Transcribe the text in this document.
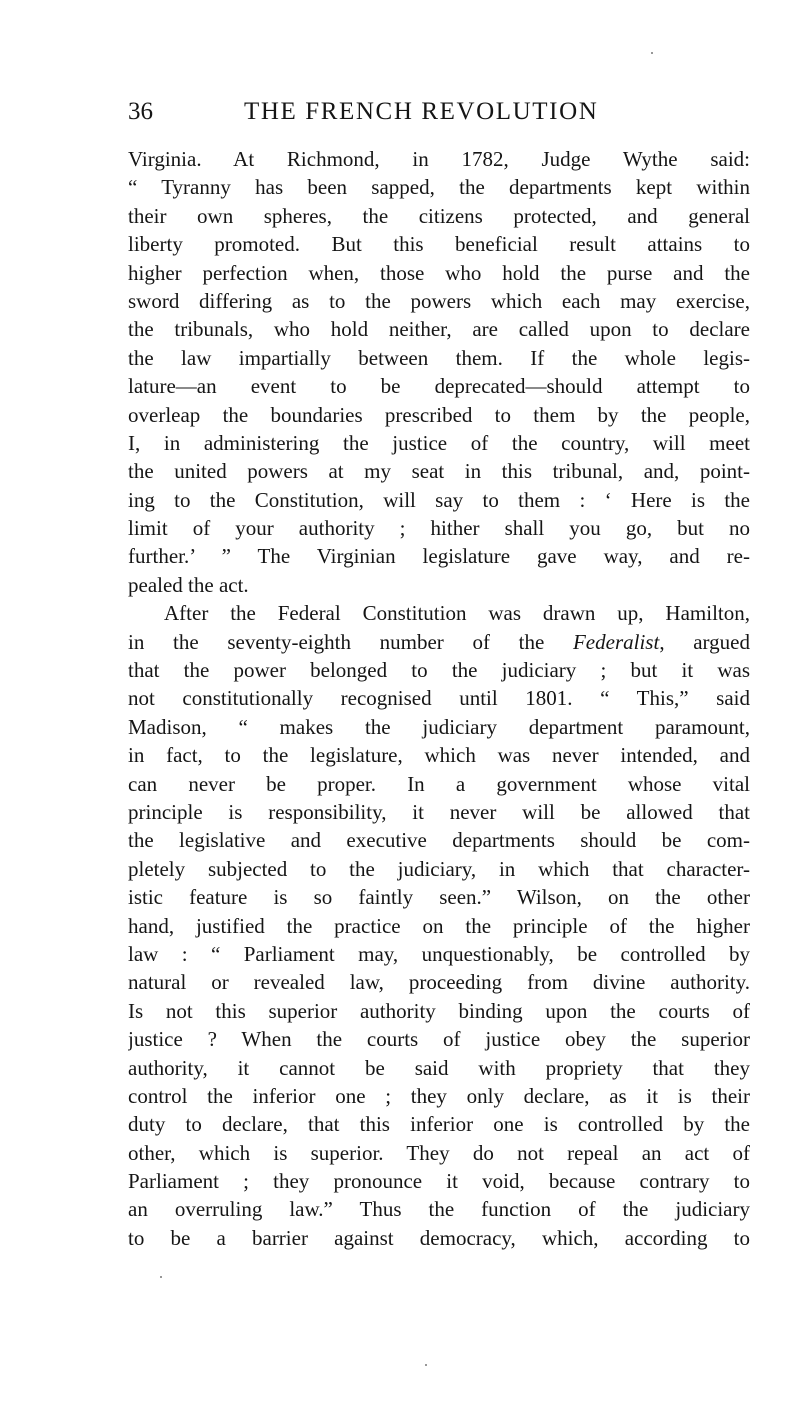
36	THE FRENCH REVOLUTION
Virginia. At Richmond, in 1782, Judge Wythe said:
“ Tyranny has been sapped, the departments kept within
their own spheres, the citizens protected, and general
liberty promoted. But this beneficial result attains to
higher perfection when, those who hold the purse and the
sword differing as to the powers which each may exercise,
the tribunals, who hold neither, are called upon to declare
the law impartially between them. If the whole legis-
lature—an event to be deprecated—should attempt to
overleap the boundaries prescribed to them by the people,
I, in administering the justice of the country, will meet
the united powers at my seat in this tribunal, and, point-
ing to the Constitution, will say to them : ‘ Here is the
limit of your authority ; hither shall you go, but no
further.’ ” The Virginian legislature gave way, and re-
pealed the act.
After the Federal Constitution was drawn up, Hamilton,
in the seventy-eighth number of the Federalist, argued
that the power belonged to the judiciary ; but it was
not constitutionally recognised until 1801. “ This,” said
Madison, “ makes the judiciary department paramount,
in fact, to the legislature, which was never intended, and
can never be proper. In a government whose vital
principle is responsibility, it never will be allowed that
the legislative and executive departments should be com-
pletely subjected to the judiciary, in which that character-
istic feature is so faintly seen.” Wilson, on the other
hand, justified the practice on the principle of the higher
law : “ Parliament may, unquestionably, be controlled by
natural or revealed law, proceeding from divine authority.
Is not this superior authority binding upon the courts of
justice ? When the courts of justice obey the superior
authority, it cannot be said with propriety that they
control the inferior one ; they only declare, as it is their
duty to declare, that this inferior one is controlled by the
other, which is superior. They do not repeal an act of
Parliament ; they pronounce it void, because contrary to
an overruling law.” Thus the function of the judiciary
to be a barrier against democracy, which, according to
